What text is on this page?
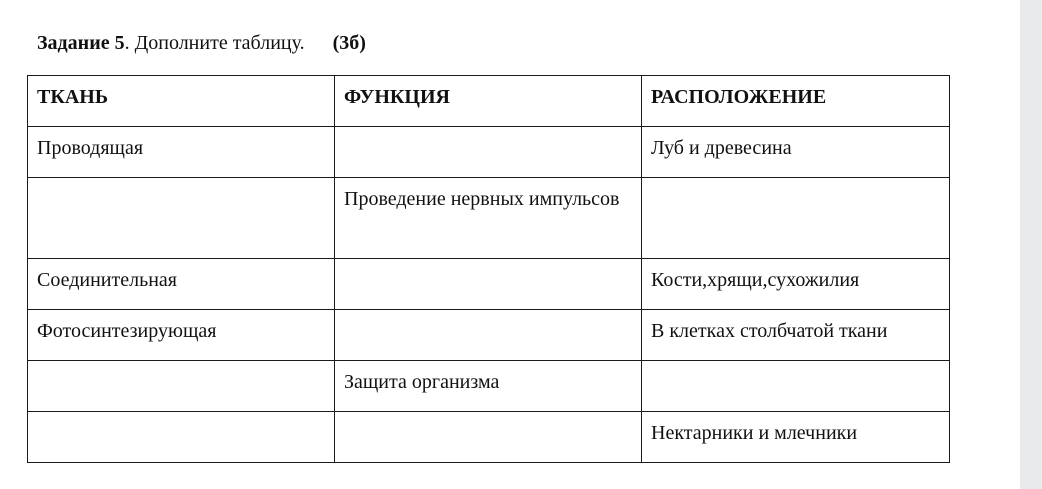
Задание 5. Дополните таблицу. (3б)
ТКАНЬ	ФУНКЦИЯ	РАСПОЛОЖЕНИЕ
Проводящая		Луб и древесина
	Проведение нервных импульсов	
Соединительная		Кости,хрящи,сухожилия
Фотосинтезирующая		В клетках столбчатой ткани
	Защита организма	
		Нектарники и млечники
